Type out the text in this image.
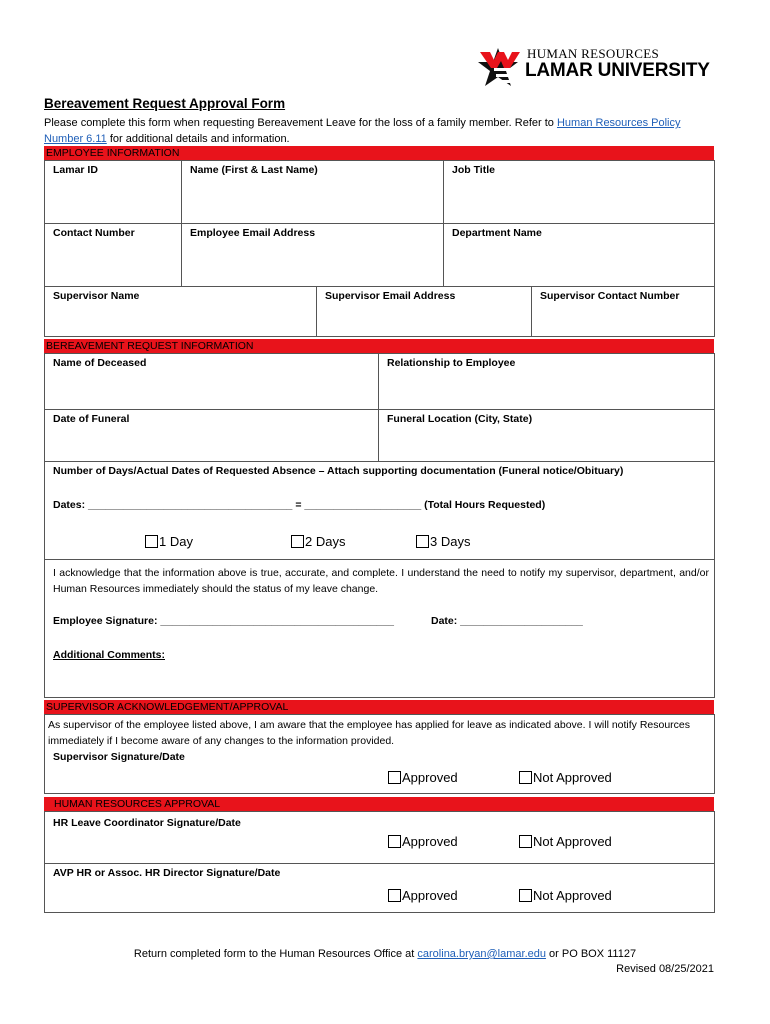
HUMAN RESOURCES
LAMAR UNIVERSITY
Bereavement Request Approval Form
Please complete this form when requesting Bereavement Leave for the loss of a family member. Refer to Human Resources Policy Number 6.11 for additional details and information.
EMPLOYEE INFORMATION
Lamar ID	Name (First & Last Name)	Job Title
Contact Number	Employee Email Address	Department Name
Supervisor Name	Supervisor Email Address	Supervisor Contact Number
BEREAVEMENT REQUEST INFORMATION
Name of Deceased	Relationship to Employee
Date of Funeral	Funeral Location (City, State)
Number of Days/Actual Dates of Requested Absence – Attach supporting documentation (Funeral notice/Obituary)
Dates: ___________________________________ = ____________________ (Total Hours Requested)
1 Day	2 Days	3 Days
I acknowledge that the information above is true, accurate, and complete. I understand the need to notify my supervisor, department, and/or Human Resources immediately should the status of my leave change.
Employee Signature: ________________________________________	Date: _____________________
Additional Comments:
SUPERVISOR ACKNOWLEDGEMENT/APPROVAL
As supervisor of the employee listed above, I am aware that the employee has applied for leave as indicated above. I will notify Resources immediately if I become aware of any changes to the information provided.
Supervisor Signature/Date
Approved	Not Approved
HUMAN RESOURCES APPROVAL
HR Leave Coordinator Signature/Date
Approved	Not Approved
AVP HR or Assoc. HR Director Signature/Date
Approved	Not Approved
Return completed form to the Human Resources Office at carolina.bryan@lamar.edu or PO BOX 11127
Revised 08/25/2021
